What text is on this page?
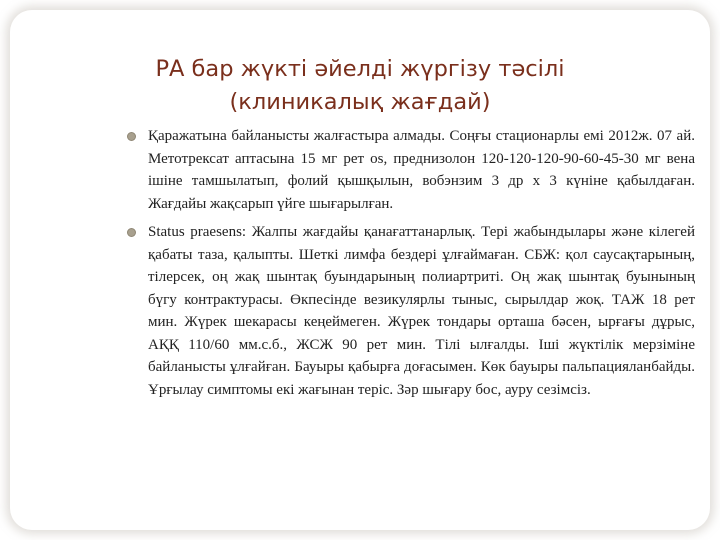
РА бар жүкті әйелді жүргізу тәсілі
(клиникалық жағдай)
Қаражатына байланысты жалғастыра алмады. Соңғы стационарлы емі 2012ж. 07 ай. Метотрексат аптасына 15 мг рет os, преднизолон 120-120-120-90-60-45-30 мг вена ішіне тамшылатып, фолий қышқылын, вобэнзим 3 др х 3 күніне қабылдаған. Жағдайы жақсарып үйге шығарылған.
Status praesens: Жалпы жағдайы қанағаттанарлық. Тері жабындылары және кілегей қабаты таза, қалыпты. Шеткі лимфа бездері ұлғаймаған. СБЖ: қол саусақтарының, тілерсек, оң жақ шынтақ буындарының полиартриті. Оң жақ шынтақ буынының бүгу контрактурасы. Өкпесінде везикулярлы тыныс, сырылдар жоқ. ТАЖ 18 рет мин. Жүрек шекарасы кеңеймеген. Жүрек тондары орташа бәсен, ырғағы дұрыс, АҚҚ 110/60 мм.с.б., ЖСЖ 90 рет мин. Тілі ылғалды. Іші жүктілік мерзіміне байланысты ұлғайған. Бауыры қабырға доғасымен. Көк бауыры пальпацияланбайды. Ұрғылау симптомы екі жағынан теріс. Зәр шығару бос, ауру сезімсіз.
